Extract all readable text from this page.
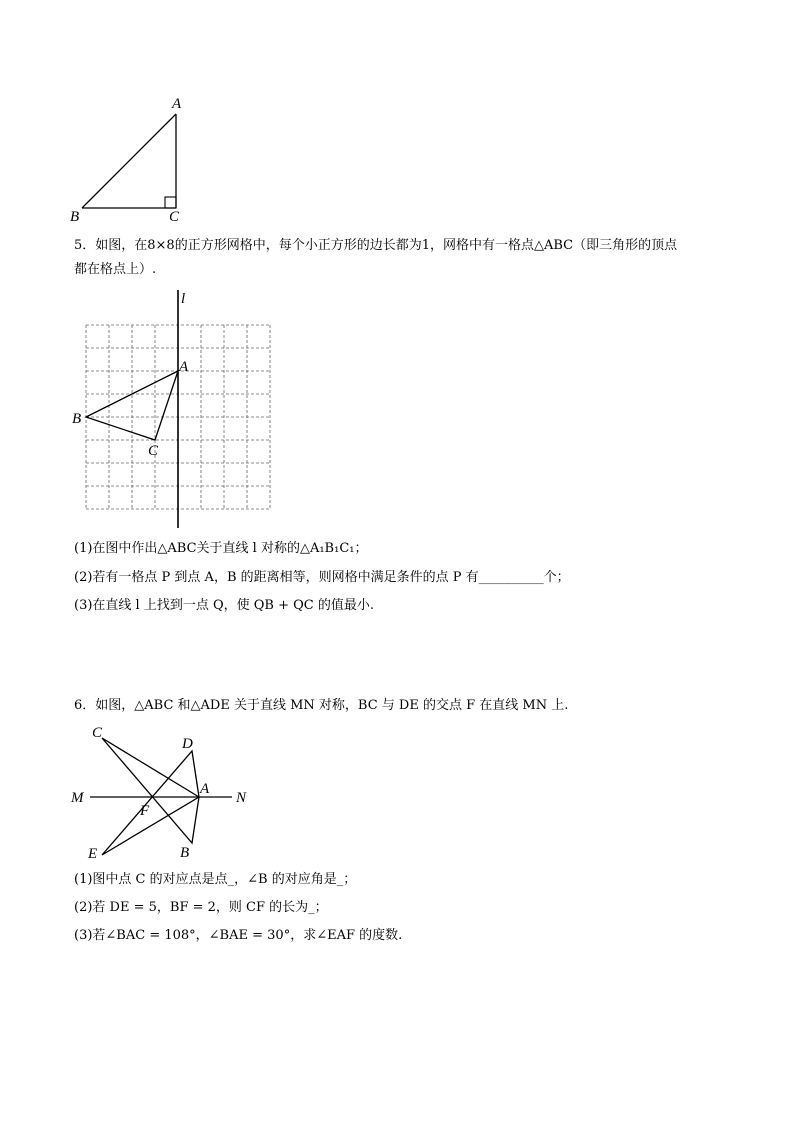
A
B	C
5．如图，在8×8的正方形网格中，每个小正方形的边长都为1，网格中有一格点△ABC（即三角形的顶点
都在格点上）.
l
A
B
C
(1)在图中作出△ABC关于直线 l 对称的△A₁B₁C₁；
(2)若有一格点 P 到点 A，B 的距离相等，则网格中满足条件的点 P 有__________个；
(3)在直线 l 上找到一点 Q，使 QB + QC 的值最小.
6．如图，△ABC 和△ADE 关于直线 MN 对称，BC 与 DE 的交点 F 在直线 MN 上.
C
D
M
A
N
F
E	B
(1)图中点 C 的对应点是点_，∠B 的对应角是_；
(2)若 DE = 5，BF = 2，则 CF 的长为_；
(3)若∠BAC = 108°，∠BAE = 30°，求∠EAF 的度数.
